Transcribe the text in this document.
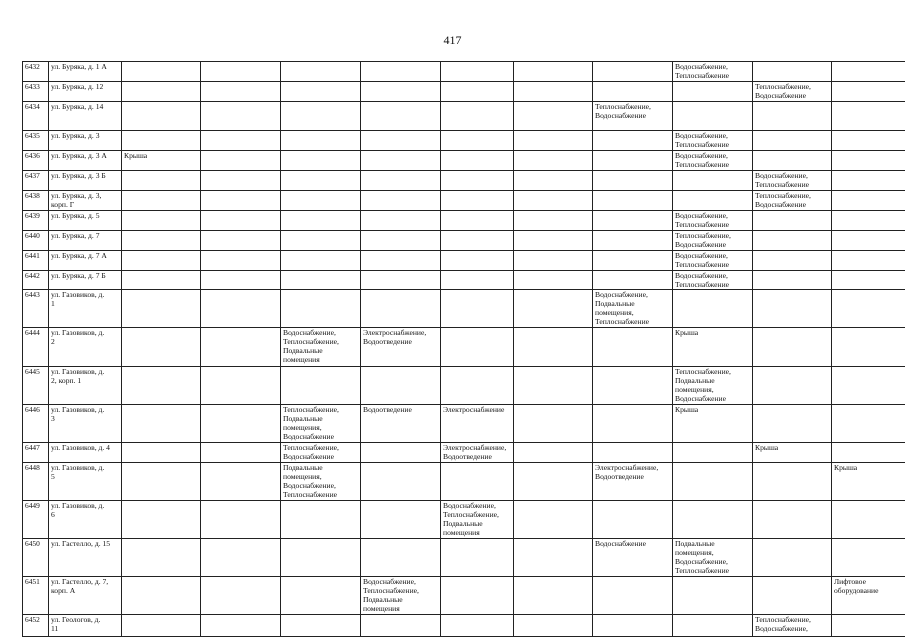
417
6432	ул. Буряка, д. 1 А								Водоснабжение,
Теплоснабжение			
6433	ул. Буряка, д. 12									Теплоснабжение,
Водоснабжение		
6434	ул. Буряка, д. 14							Теплоснабжение,
Водоснабжение				
6435	ул. Буряка, д. 3								Водоснабжение,
Теплоснабжение			
6436	ул. Буряка, д. 3 А	Крыша							Водоснабжение,
Теплоснабжение			
6437	ул. Буряка, д. 3 Б									Водоснабжение,
Теплоснабжение		
6438	ул. Буряка, д. 3,
корп. Г									Теплоснабжение,
Водоснабжение		
6439	ул. Буряка, д. 5								Водоснабжение,
Теплоснабжение			
6440	ул. Буряка, д. 7								Теплоснабжение,
Водоснабжение			
6441	ул. Буряка, д. 7 А								Водоснабжение,
Теплоснабжение			
6442	ул. Буряка, д. 7 Б								Водоснабжение,
Теплоснабжение			
6443	ул. Газовиков, д.
1							Водоснабжение,
Подвальные
помещения,
Теплоснабжение				
6444	ул. Газовиков, д.
2			Водоснабжение,
Теплоснабжение,
Подвальные
помещения	Электроснабжение,
Водоотведение				Крыша			
6445	ул. Газовиков, д.
2, корп. 1								Теплоснабжение,
Подвальные
помещения,
Водоснабжение			
6446	ул. Газовиков, д.
3			Теплоснабжение,
Подвальные
помещения,
Водоснабжение	Водоотведение	Электроснабжение			Крыша			
6447	ул. Газовиков, д. 4			Теплоснабжение,
Водоснабжение		Электроснабжение,
Водоотведение				Крыша		
6448	ул. Газовиков, д.
5			Подвальные
помещения,
Водоснабжение,
Теплоснабжение				Электроснабжение,
Водоотведение			Крыша	
6449	ул. Газовиков, д.
6					Водоснабжение,
Теплоснабжение,
Подвальные
помещения						
6450	ул. Гастелло, д. 15							Водоснабжение	Подвальные
помещения,
Водоснабжение,
Теплоснабжение			
6451	ул. Гастелло, д. 7,
корп. А				Водоснабжение,
Теплоснабжение,
Подвальные
помещения						Лифтовое
оборудование	
6452	ул. Геологов, д.
11									Теплоснабжение,
Водоснабжение,		
